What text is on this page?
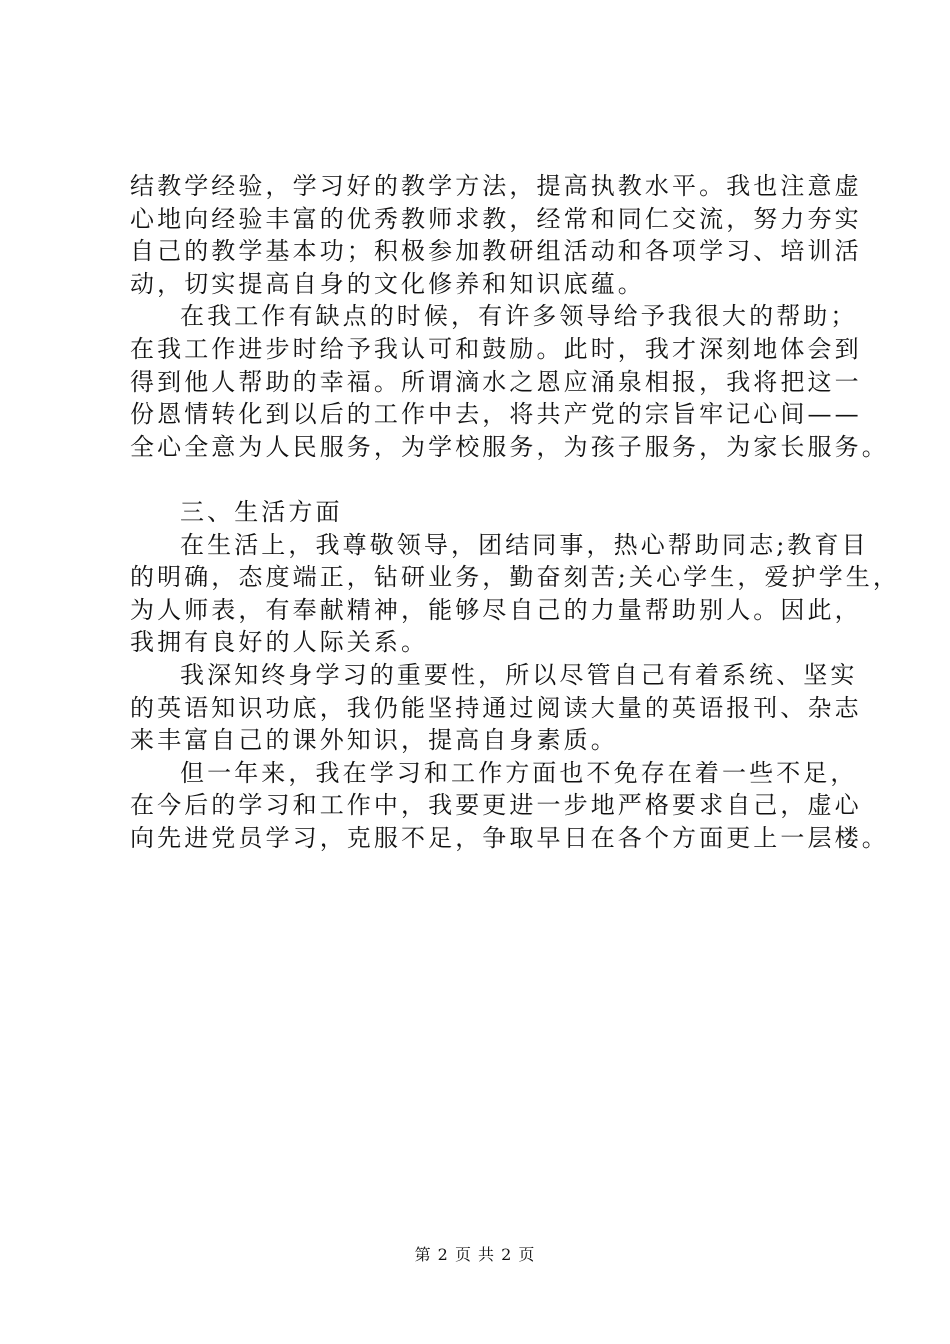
结教学经验，学习好的教学方法，提高执教水平。我也注意虚
心地向经验丰富的优秀教师求教，经常和同仁交流，努力夯实
自己的教学基本功；积极参加教研组活动和各项学习、培训活
动，切实提高自身的文化修养和知识底蕴。
在我工作有缺点的时候，有许多领导给予我很大的帮助；
在我工作进步时给予我认可和鼓励。此时，我才深刻地体会到
得到他人帮助的幸福。所谓滴水之恩应涌泉相报，我将把这一
份恩情转化到以后的工作中去，将共产党的宗旨牢记心间——
全心全意为人民服务，为学校服务，为孩子服务，为家长服务。
三、生活方面
在生活上，我尊敬领导，团结同事，热心帮助同志;教育目
的明确，态度端正，钻研业务，勤奋刻苦;关心学生，爱护学生，
为人师表，有奉献精神，能够尽自己的力量帮助别人。因此，
我拥有良好的人际关系。
我深知终身学习的重要性，所以尽管自己有着系统、坚实
的英语知识功底，我仍能坚持通过阅读大量的英语报刊、杂志
来丰富自己的课外知识，提高自身素质。
但一年来，我在学习和工作方面也不免存在着一些不足，
在今后的学习和工作中，我要更进一步地严格要求自己，虚心
向先进党员学习，克服不足，争取早日在各个方面更上一层楼。
第 2 页 共 2 页
